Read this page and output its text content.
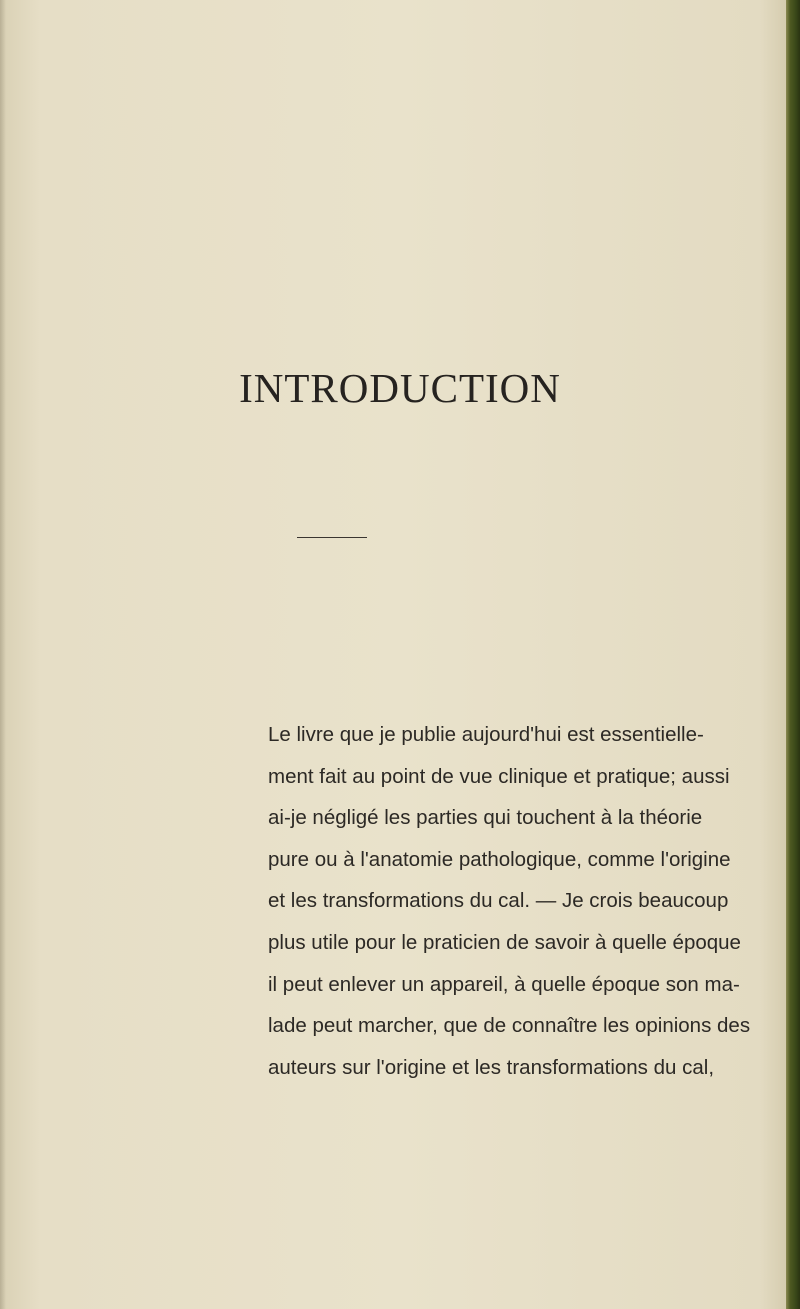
INTRODUCTION
Le livre que je publie aujourd'hui est essentielle-
ment fait au point de vue clinique et pratique; aussi
ai-je négligé les parties qui touchent à la théorie
pure ou à l'anatomie pathologique, comme l'origine
et les transformations du cal. — Je crois beaucoup
plus utile pour le praticien de savoir à quelle époque
il peut enlever un appareil, à quelle époque son ma-
lade peut marcher, que de connaître les opinions des
auteurs sur l'origine et les transformations du cal,
